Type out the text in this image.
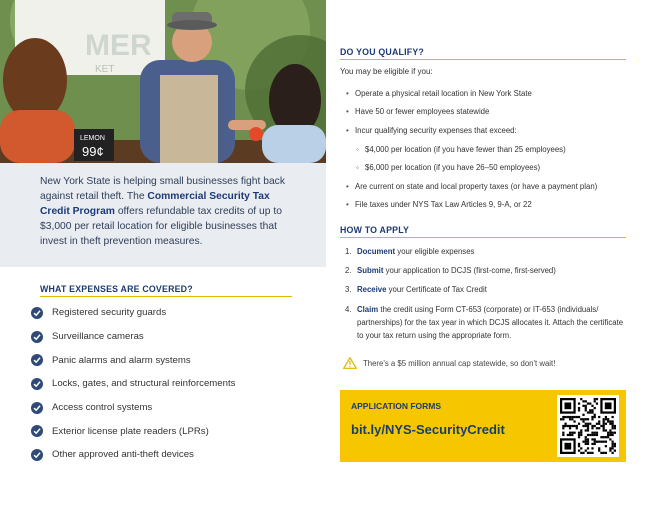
MER
KET
LEMON
99¢

New York State is helping small businesses fight back against retail theft. The Commercial Security Tax Credit Program offers refundable tax credits of up to $3,000 per retail location for eligible businesses that invest in theft prevention measures.

WHAT EXPENSES ARE COVERED?
Registered security guards
Surveillance cameras
Panic alarms and alarm systems
Locks, gates, and structural reinforcements
Access control systems
Exterior license plate readers (LPRs)
Other approved anti-theft devices
DO YOU QUALIFY?
You may be eligible if you:
• Operate a physical retail location in New York State
• Have 50 or fewer employees statewide
• Incur qualifying security expenses that exceed:
◦ $4,000 per location (if you have fewer than 25 employees)
◦ $6,000 per location (if you have 26–50 employees)
• Are current on state and local property taxes (or have a payment plan)
• File taxes under NYS Tax Law Articles 9, 9-A, or 22
HOW TO APPLY
1. Document your eligible expenses
2. Submit your application to DCJS (first-come, first-served)
3. Receive your Certificate of Tax Credit
4. Claim the credit using Form CT-653 (corporate) or IT-653 (individuals/ partnerships) for the tax year in which DCJS allocates it. Attach the certificate to your tax return using the appropriate form.
There's a $5 million annual cap statewide, so don't wait!
APPLICATION FORMS
bit.ly/NYS-SecurityCredit
